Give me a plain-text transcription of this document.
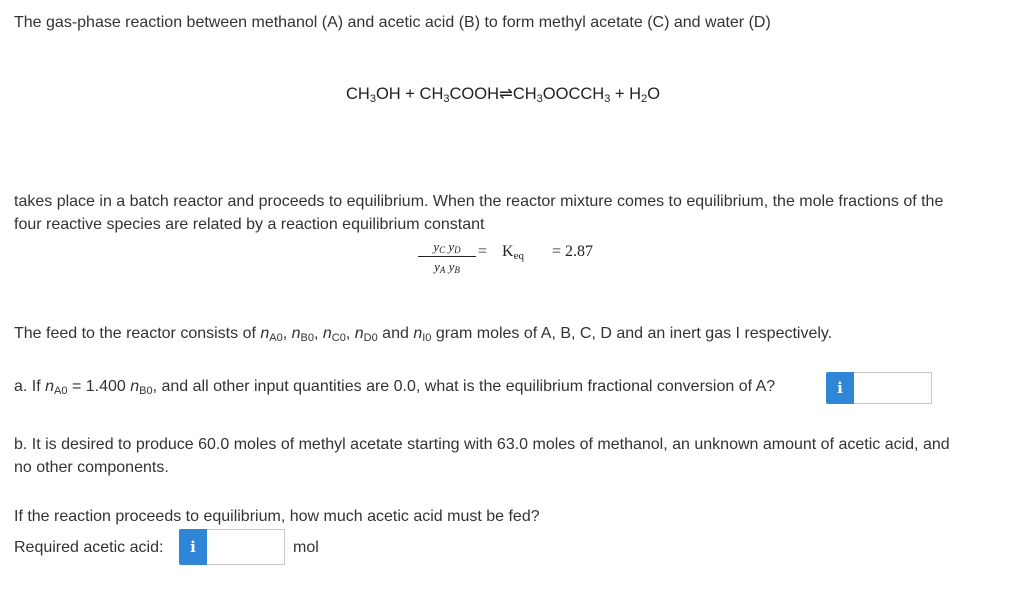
The gas-phase reaction between methanol (A) and acetic acid (B) to form methyl acetate (C) and water (D)
$CH_3OH$ + $CH_3COOH\rightleftharpoons CH_3OOCCH_3 + H_2O$
takes place in a batch reactor and proceeds to equilibrium. When the reactor mixture comes to equilibrium, the mole fractions of the
four reactive species are related by a reaction equilibrium constant
$y_C$ $y_D$
$y_A$ $y_B$
= $K_{eq} = 2.87$
The feed to the reactor consists of $n_{A0}$, $n_{B0}$, $n_{C0}$, $n_{D0}$ and $n_{I0}$ gram moles of A, B, C, D and an inert gas I respectively.
a. If $n_{A0} = 1.400$ $n_{B0}$, and all other input quantities are 0.0, what is the equilibrium fractional conversion of A?	i
b. It is desired to produce 60.0 moles of methyl acetate starting with 63.0 moles of methanol, an unknown amount of acetic acid, and
no other components.
If the reaction proceeds to equilibrium, how much acetic acid must be fed?
Required acetic acid:	i	mol
